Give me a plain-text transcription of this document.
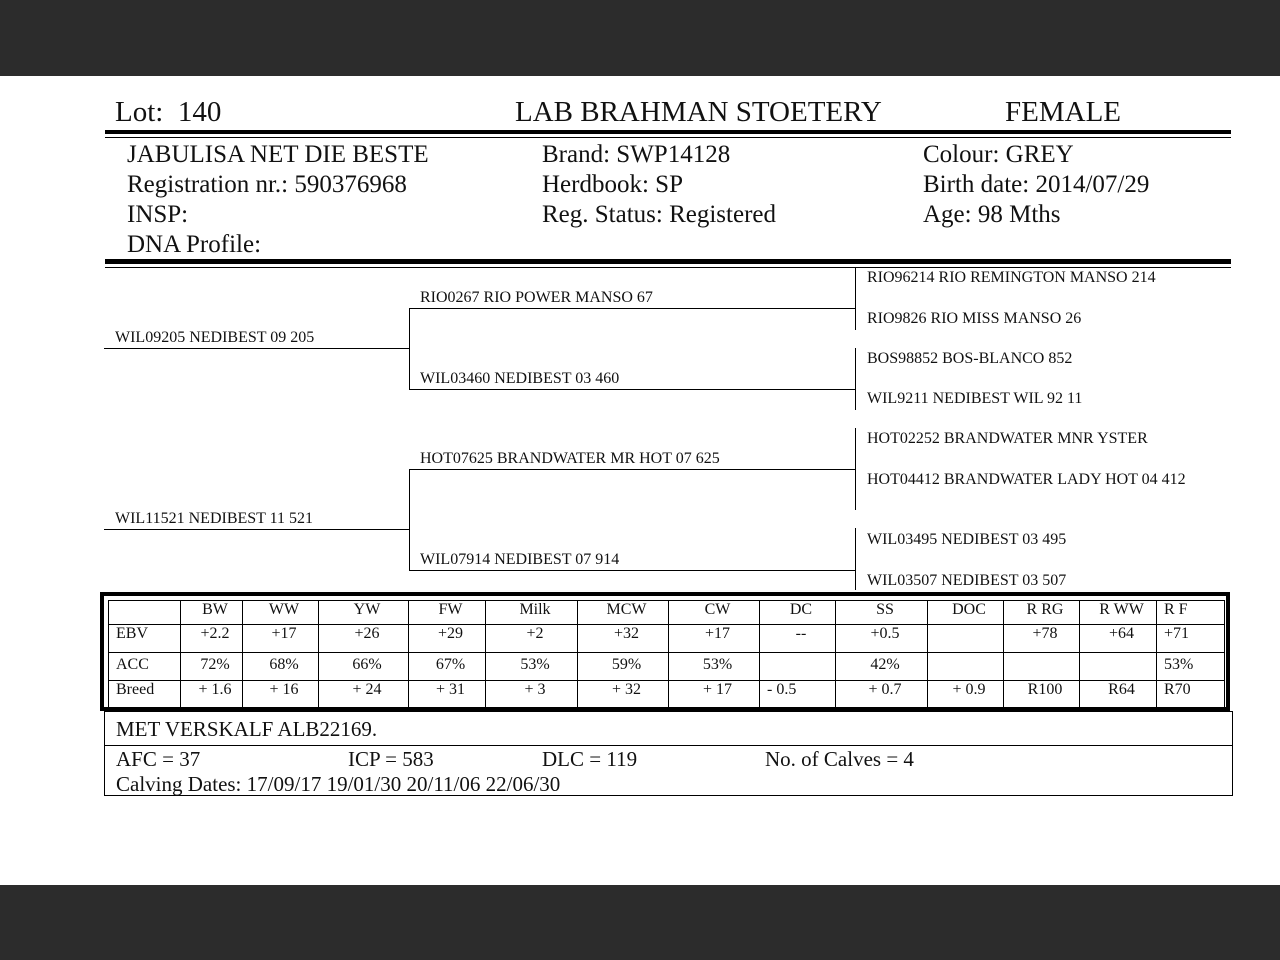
Lot: 140	LAB BRAHMAN STOETERY	FEMALE
JABULISA NET DIE BESTE
Registration nr.: 590376968
INSP:
DNA Profile:
Brand: SWP14128
Herdbook: SP
Reg. Status: Registered
Colour: GREY
Birth date: 2014/07/29
Age: 98 Mths
WIL09205 NEDIBEST 09 205
WIL11521 NEDIBEST 11 521
RIO0267 RIO POWER MANSO 67
WIL03460 NEDIBEST 03 460
HOT07625 BRANDWATER MR HOT 07 625
WIL07914 NEDIBEST 07 914
RIO96214 RIO REMINGTON MANSO 214
RIO9826 RIO MISS MANSO 26
BOS98852 BOS-BLANCO 852
WIL9211 NEDIBEST WIL 92 11
HOT02252 BRANDWATER MNR YSTER
HOT04412 BRANDWATER LADY HOT 04 412
WIL03495 NEDIBEST 03 495
WIL03507 NEDIBEST 03 507
	BW	WW	YW	FW	Milk	MCW	CW	DC	SS	DOC	R RG	R WW	R F
EBV	+2.2	+17	+26	+29	+2	+32	+17	--	+0.5		+78	+64	+71
ACC	72%	68%	66%	67%	53%	59%	53%		42%				53%
Breed	+ 1.6	+ 16	+ 24	+ 31	+ 3	+ 32	+ 17	- 0.5	+ 0.7	+ 0.9	R100	R64	R70
MET VERSKALF ALB22169.
AFC = 37	ICP = 583	DLC = 119	No. of Calves = 4
Calving Dates: 17/09/17 19/01/30 20/11/06 22/06/30
